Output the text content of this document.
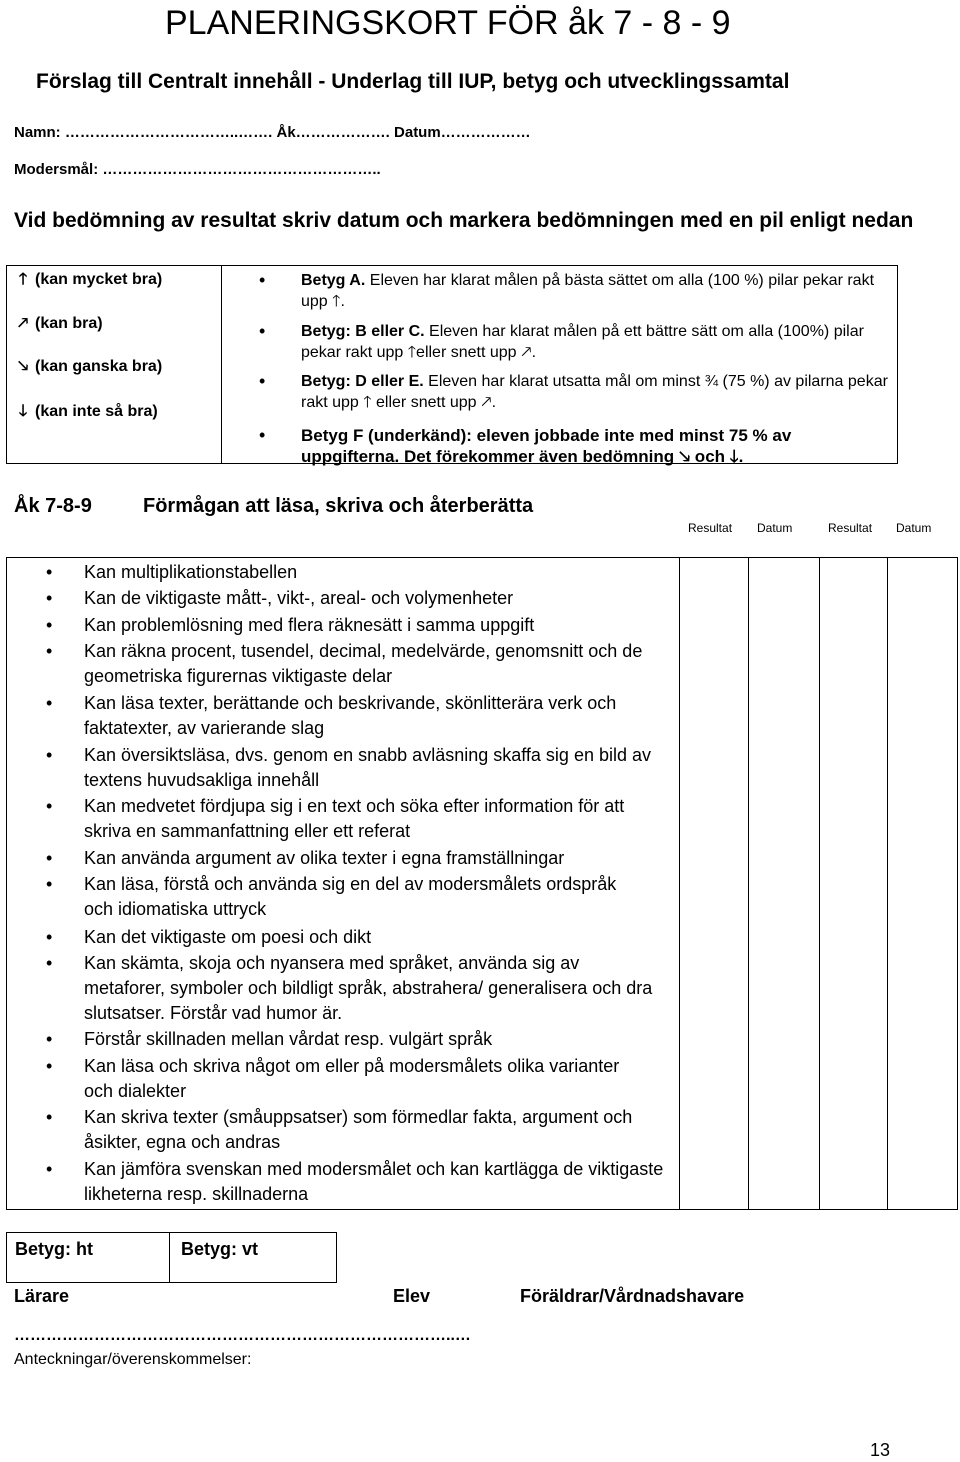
PLANERINGSKORT FÖR åk 7 - 8 - 9
Förslag till Centralt innehåll - Underlag till IUP, betyg och utvecklingssamtal
Namn: ……………………………..……. Åk………………. Datum………………
Modersmål: ………………………………………………..
Vid bedömning av resultat skriv datum och markera bedömningen med en pil enligt nedan
🡑 (kan mycket bra)
🡕 (kan bra)
🡖 (kan ganska bra)
🡓 (kan inte så bra)
•
Betyg A. Eleven har klarat målen på bästa sättet om alla (100 %) pilar pekar rakt upp 🡑.
•
Betyg: B eller C. Eleven har klarat målen på ett bättre sätt om alla (100%) pilar pekar rakt upp 🡑eller snett upp 🡕.
•
Betyg: D eller E. Eleven har klarat utsatta mål om minst ¾ (75 %) av pilarna pekar rakt upp 🡑 eller snett upp 🡕.
•
Betyg F (underkänd): eleven jobbade inte med minst 75 % av uppgifterna. Det förekommer även bedömning 🡖 och 🡓.
Åk 7-8-9	Förmågan att läsa, skriva och återberätta
Resultat Datum	Resultat Datum
•
Kan multiplikationstabellen
•
Kan de viktigaste mått-, vikt-, areal- och volymenheter
•
Kan problemlösning med flera räknesätt i samma uppgift
•
Kan räkna procent, tusendel, decimal, medelvärde, genomsnitt och de geometriska figurernas viktigaste delar
•
Kan läsa texter, berättande och beskrivande, skönlitterära verk och faktatexter, av varierande slag
•
Kan översiktsläsa, dvs. genom en snabb avläsning skaffa sig en bild av textens huvudsakliga innehåll
•
Kan medvetet fördjupa sig i en text och söka efter information för att skriva en sammanfattning eller ett referat
•
Kan använda argument av olika texter i egna framställningar
•
Kan läsa, förstå och använda sig en del av modersmålets ordspråk och idiomatiska uttryck
•
Kan det viktigaste om poesi och dikt
•
Kan skämta, skoja och nyansera med språket, använda sig av metaforer, symboler och bildligt språk, abstrahera/ generalisera och dra slutsatser. Förstår vad humor är.
•
Förstår skillnaden mellan vårdat resp. vulgärt språk
•
Kan läsa och skriva något om eller på modersmålets olika varianter och dialekter
•
Kan skriva texter (småuppsatser) som förmedlar fakta, argument och åsikter, egna och andras
•
Kan jämföra svenskan med modersmålet och kan kartlägga de viktigaste likheterna resp. skillnaderna
Betyg: ht	Betyg: vt
Lärare	Elev	Föräldrar/Vårdnadshavare
………………………………………………………………………..…
Anteckningar/överenskommelser:
13
